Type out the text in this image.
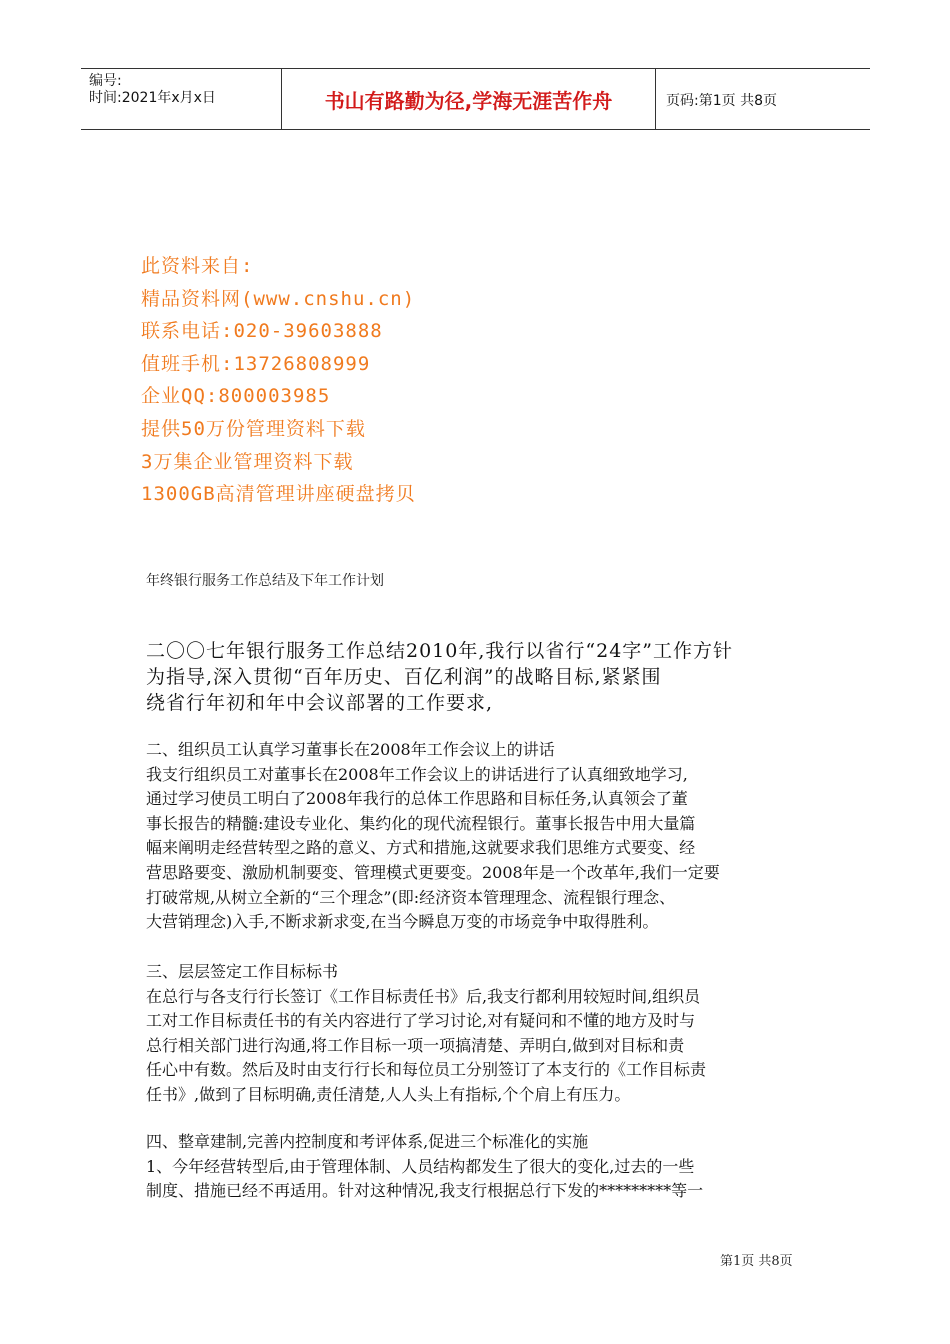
编号:
时间:2021年x月x日	书山有路勤为径,学海无涯苦作舟	页码:第1页 共8页
此资料来自:
精品资料网(www.cnshu.cn)
联系电话:020-39603888
值班手机:13726808999
企业QQ:800003985
提供50万份管理资料下载
3万集企业管理资料下载
1300GB高清管理讲座硬盘拷贝
年终银行服务工作总结及下年工作计划
二〇〇七年银行服务工作总结2010年,我行以省行“24字”工作方针
为指导,深入贯彻“百年历史、百亿利润”的战略目标,紧紧围
绕省行年初和年中会议部署的工作要求,
二、组织员工认真学习董事长在2008年工作会议上的讲话
我支行组织员工对董事长在2008年工作会议上的讲话进行了认真细致地学习,
通过学习使员工明白了2008年我行的总体工作思路和目标任务,认真领会了董
事长报告的精髓:建设专业化、集约化的现代流程银行。董事长报告中用大量篇
幅来阐明走经营转型之路的意义、方式和措施,这就要求我们思维方式要变、经
营思路要变、激励机制要变、管理模式更要变。2008年是一个改革年,我们一定要
打破常规,从树立全新的“三个理念”(即:经济资本管理理念、流程银行理念、
大营销理念)入手,不断求新求变,在当今瞬息万变的市场竞争中取得胜利。
三、层层签定工作目标标书
在总行与各支行行长签订《工作目标责任书》后,我支行都利用较短时间,组织员
工对工作目标责任书的有关内容进行了学习讨论,对有疑问和不懂的地方及时与
总行相关部门进行沟通,将工作目标一项一项搞清楚、弄明白,做到对目标和责
任心中有数。然后及时由支行行长和每位员工分别签订了本支行的《工作目标责
任书》,做到了目标明确,责任清楚,人人头上有指标,个个肩上有压力。
四、整章建制,完善内控制度和考评体系,促进三个标准化的实施
1、今年经营转型后,由于管理体制、人员结构都发生了很大的变化,过去的一些
制度、措施已经不再适用。针对这种情况,我支行根据总行下发的*********等一
第1页 共8页
